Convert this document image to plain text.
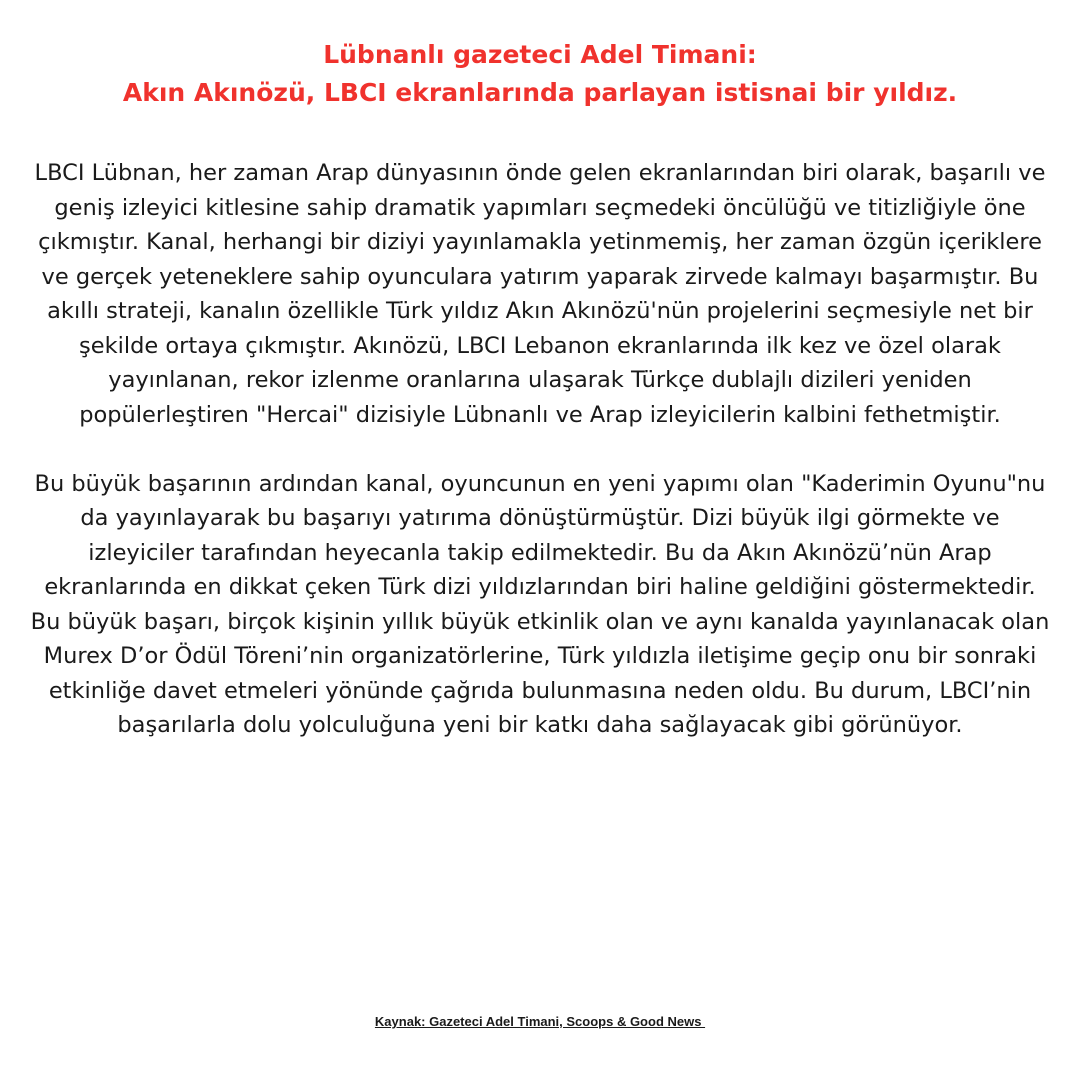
Lübnanlı gazeteci Adel Timani:
Akın Akınözü, LBCI ekranlarında parlayan istisnai bir yıldız.

LBCI Lübnan, her zaman Arap dünyasının önde gelen ekranlarından biri olarak, başarılı ve geniş izleyici kitlesine sahip dramatik yapımları seçmedeki öncülüğü ve titizliğiyle öne çıkmıştır. Kanal, herhangi bir diziyi yayınlamakla yetinmemiş, her zaman özgün içeriklere ve gerçek yeteneklere sahip oyunculara yatırım yaparak zirvede kalmayı başarmıştır. Bu akıllı strateji, kanalın özellikle Türk yıldız Akın Akınözü'nün projelerini seçmesiyle net bir şekilde ortaya çıkmıştır. Akınözü, LBCI Lebanon ekranlarında ilk kez ve özel olarak yayınlanan, rekor izlenme oranlarına ulaşarak Türkçe dublajlı dizileri yeniden popülerleştiren "Hercai" dizisiyle Lübnanlı ve Arap izleyicilerin kalbini fethetmiştir.

Bu büyük başarının ardından kanal, oyuncunun en yeni yapımı olan "Kaderimin Oyunu"nu da yayınlayarak bu başarıyı yatırıma dönüştürmüştür. Dizi büyük ilgi görmekte ve izleyiciler tarafından heyecanla takip edilmektedir. Bu da Akın Akınözü’nün Arap ekranlarında en dikkat çeken Türk dizi yıldızlarından biri haline geldiğini göstermektedir. Bu büyük başarı, birçok kişinin yıllık büyük etkinlik olan ve aynı kanalda yayınlanacak olan Murex D’or Ödül Töreni’nin organizatörlerine, Türk yıldızla iletişime geçip onu bir sonraki etkinliğe davet etmeleri yönünde çağrıda bulunmasına neden oldu. Bu durum, LBCI’nin başarılarla dolu yolculuğuna yeni bir katkı daha sağlayacak gibi görünüyor.

Kaynak: Gazeteci Adel Timani, Scoops & Good News
